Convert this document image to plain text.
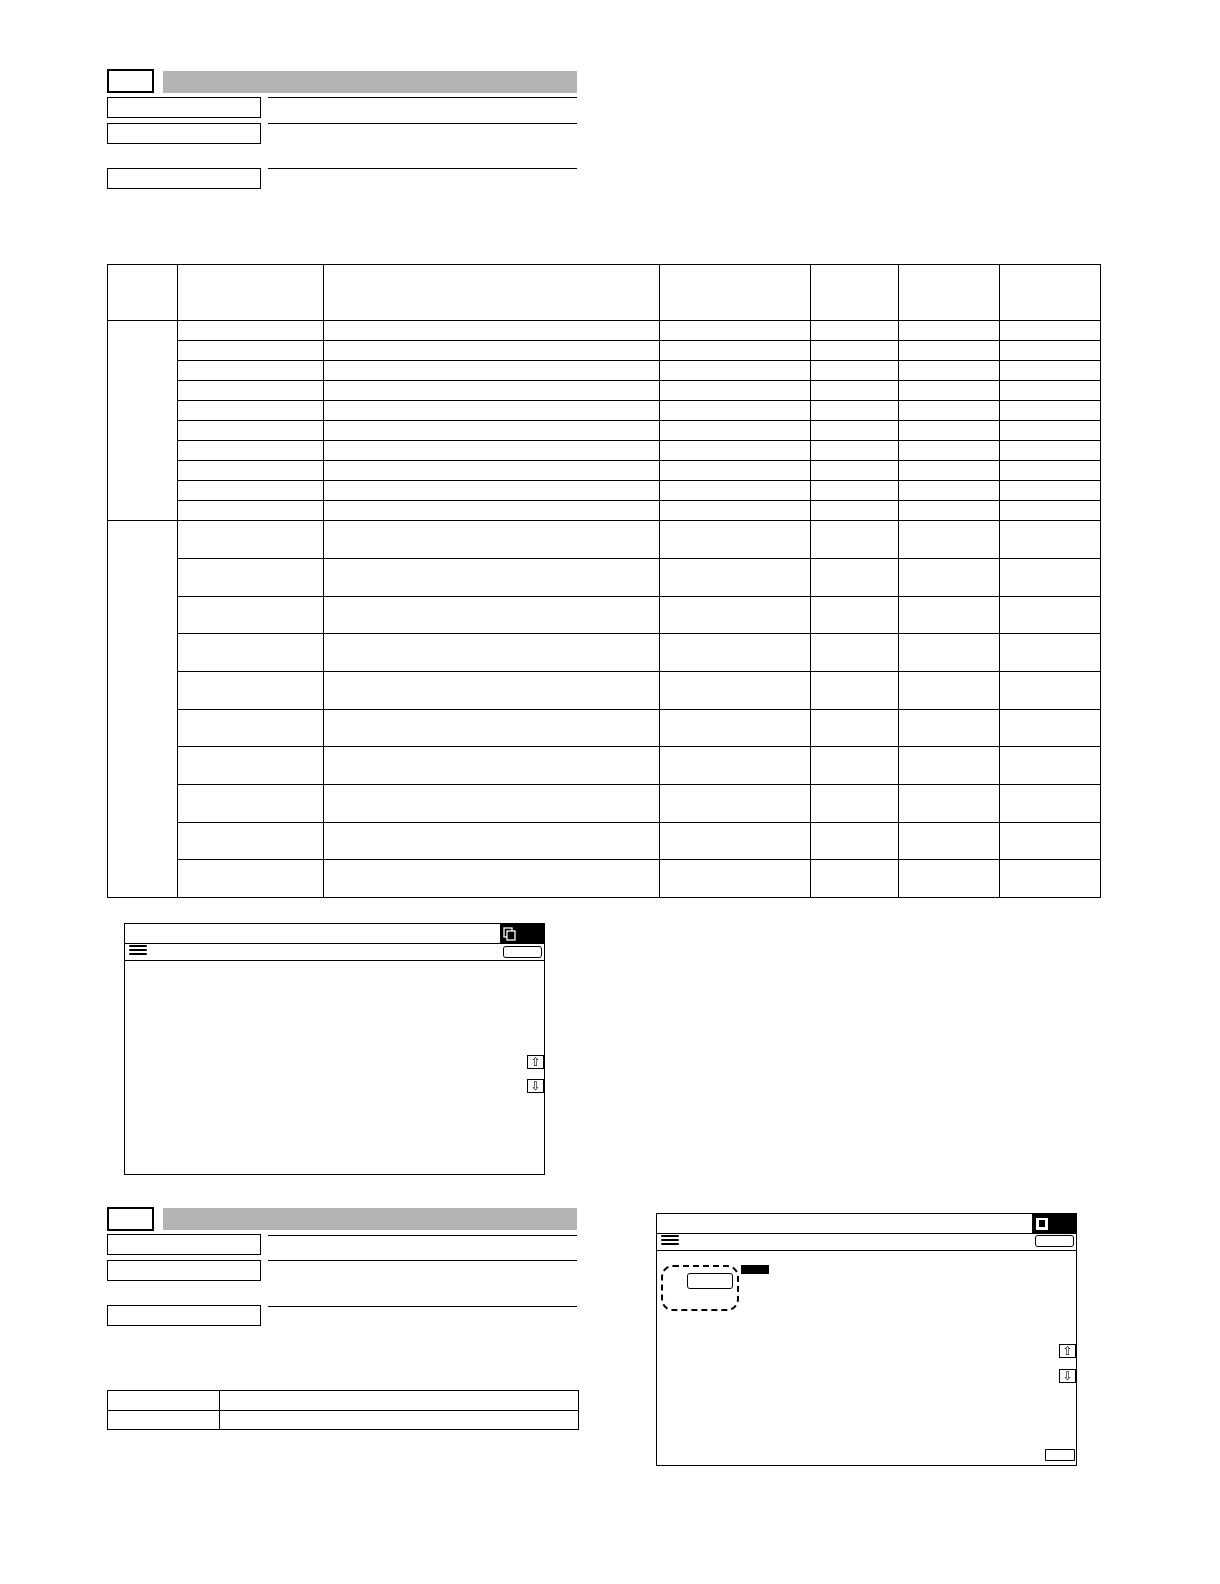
⇧
⇩

⇧
⇩
